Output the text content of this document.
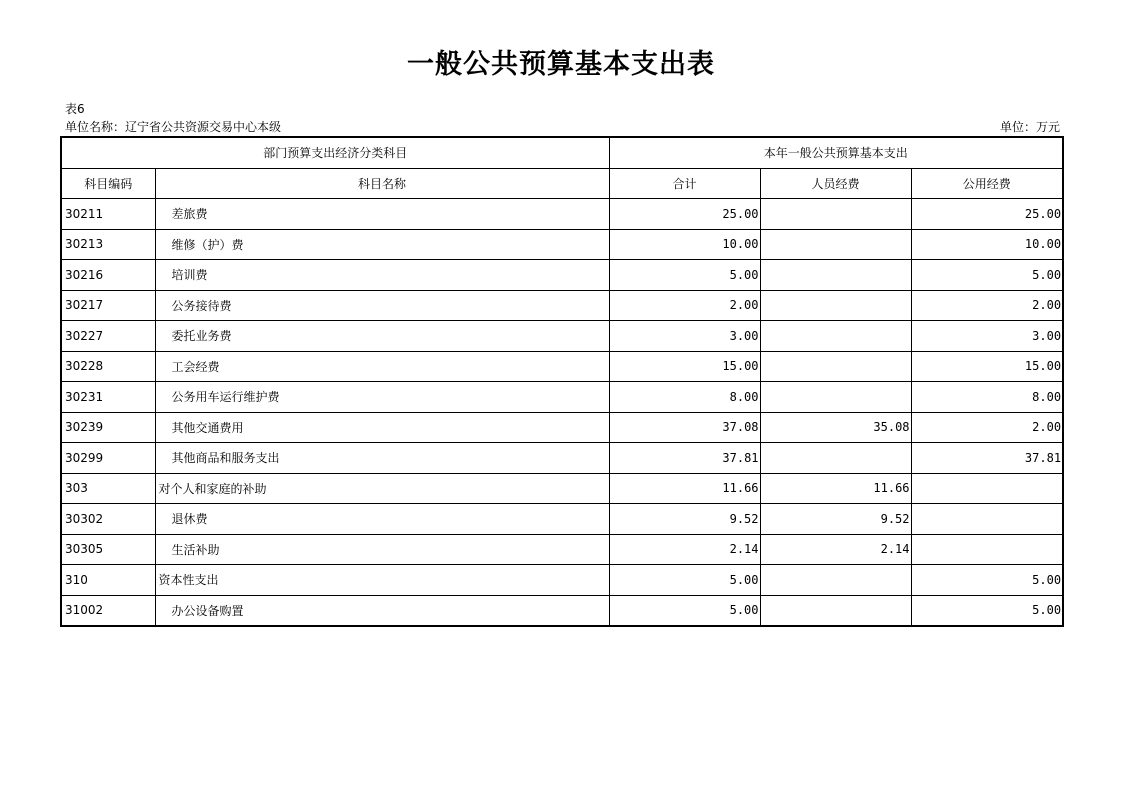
一般公共预算基本支出表
表6
单位名称：辽宁省公共资源交易中心本级	单位：万元
部门预算支出经济分类科目		本年一般公共预算基本支出		
科目编码	科目名称	合计	人员经费	公用经费
30211	差旅费	25.00		25.00
30213	维修（护）费	10.00		10.00
30216	培训费	5.00		5.00
30217	公务接待费	2.00		2.00
30227	委托业务费	3.00		3.00
30228	工会经费	15.00		15.00
30231	公务用车运行维护费	8.00		8.00
30239	其他交通费用	37.08	35.08	2.00
30299	其他商品和服务支出	37.81		37.81
303	对个人和家庭的补助	11.66	11.66	
30302	退休费	9.52	9.52	
30305	生活补助	2.14	2.14	
310	资本性支出	5.00		5.00
31002	办公设备购置	5.00		5.00
